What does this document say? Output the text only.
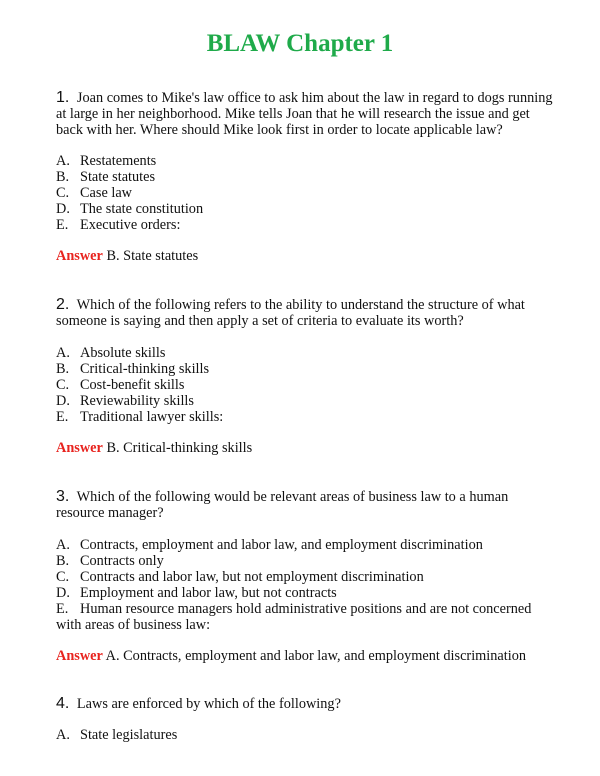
BLAW Chapter 1
1. Joan comes to Mike's law office to ask him about the law in regard to dogs running at large in her neighborhood. Mike tells Joan that he will research the issue and get back with her. Where should Mike look first in order to locate applicable law?
A. Restatements
B. State statutes
C. Case law
D. The state constitution
E. Executive orders:
Answer B. State statutes
2. Which of the following refers to the ability to understand the structure of what someone is saying and then apply a set of criteria to evaluate its worth?
A. Absolute skills
B. Critical-thinking skills
C. Cost-benefit skills
D. Reviewability skills
E. Traditional lawyer skills:
Answer B. Critical-thinking skills
3. Which of the following would be relevant areas of business law to a human resource manager?
A. Contracts, employment and labor law, and employment discrimination
B. Contracts only
C. Contracts and labor law, but not employment discrimination
D. Employment and labor law, but not contracts
E. Human resource managers hold administrative positions and are not concerned with areas of business law:
Answer A. Contracts, employment and labor law, and employment discrimination
4. Laws are enforced by which of the following?
A. State legislatures
